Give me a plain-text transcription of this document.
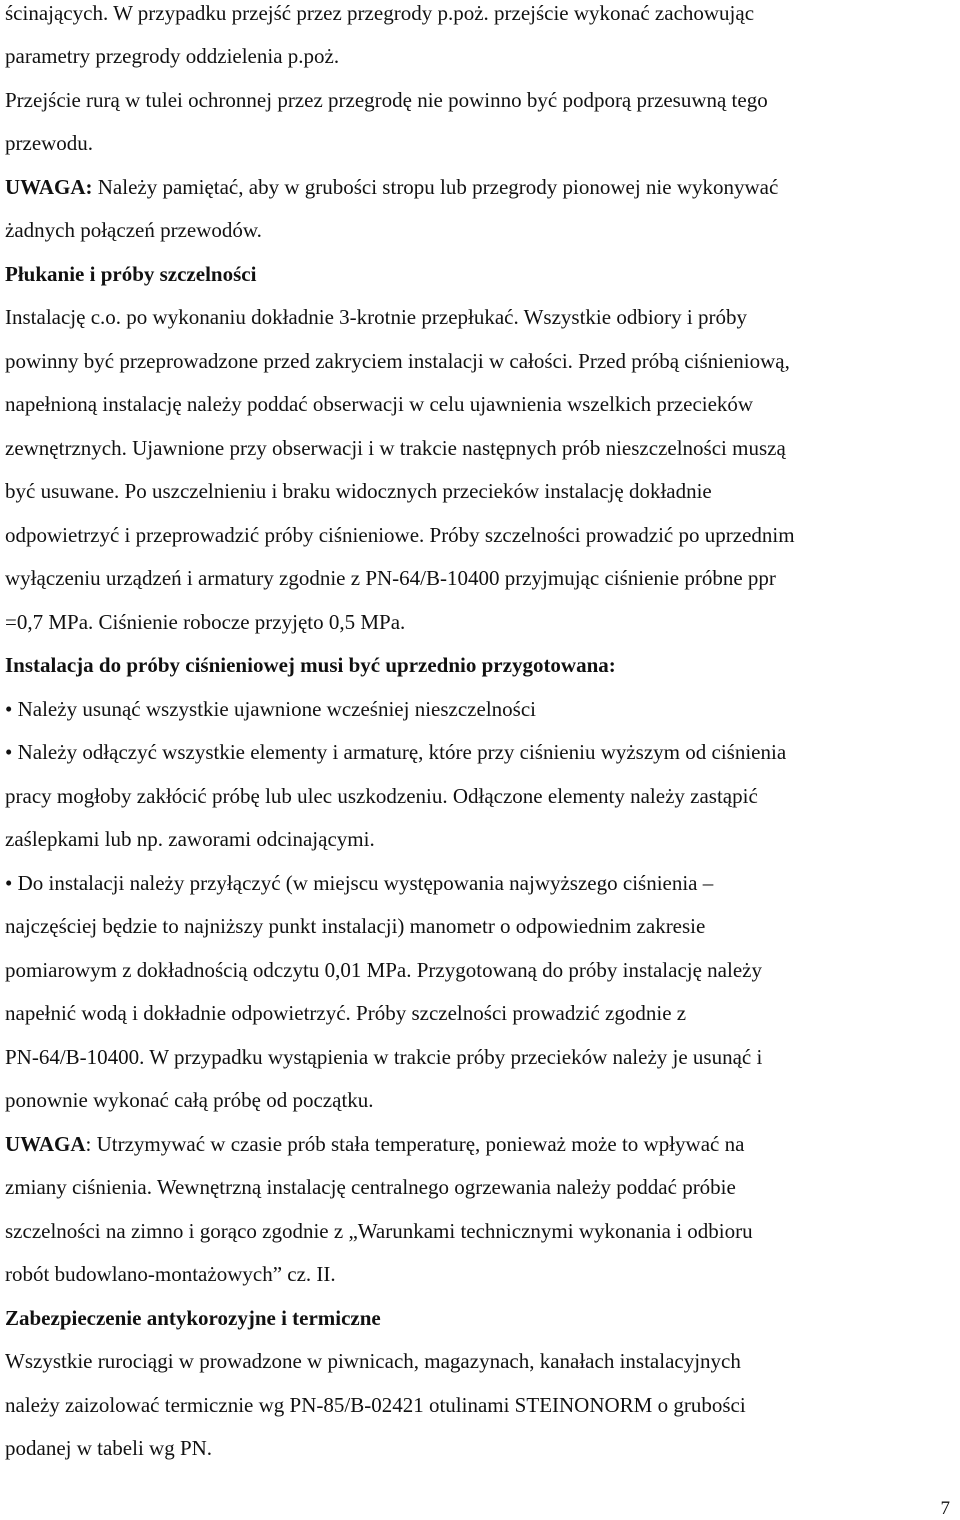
ścinających. W przypadku przejść przez przegrody p.poż. przejście wykonać zachowując
parametry przegrody oddzielenia p.poż.
Przejście rurą w tulei ochronnej przez przegrodę nie powinno być podporą przesuwną tego
przewodu.
UWAGA: Należy pamiętać, aby w grubości stropu lub przegrody pionowej nie wykonywać
żadnych połączeń przewodów.
Płukanie i próby szczelności
Instalację c.o. po wykonaniu dokładnie 3-krotnie przepłukać. Wszystkie odbiory i próby
powinny być przeprowadzone przed zakryciem instalacji w całości. Przed próbą ciśnieniową,
napełnioną instalację należy poddać obserwacji w celu ujawnienia wszelkich przecieków
zewnętrznych. Ujawnione przy obserwacji i w trakcie następnych prób nieszczelności muszą
być usuwane. Po uszczelnieniu i braku widocznych przecieków instalację dokładnie
odpowietrzyć i przeprowadzić próby ciśnieniowe. Próby szczelności prowadzić po uprzednim
wyłączeniu urządzeń i armatury zgodnie z PN-64/B-10400 przyjmując ciśnienie próbne ppr
=0,7 MPa. Ciśnienie robocze przyjęto 0,5 MPa.
Instalacja do próby ciśnieniowej musi być uprzednio przygotowana:
• Należy usunąć wszystkie ujawnione wcześniej nieszczelności
• Należy odłączyć wszystkie elementy i armaturę, które przy ciśnieniu wyższym od ciśnienia
pracy mogłoby zakłócić próbę lub ulec uszkodzeniu. Odłączone elementy należy zastąpić
zaślepkami lub np. zaworami odcinającymi.
• Do instalacji należy przyłączyć (w miejscu występowania najwyższego ciśnienia –
najczęściej będzie to najniższy punkt instalacji) manometr o odpowiednim zakresie
pomiarowym z dokładnością odczytu 0,01 MPa. Przygotowaną do próby instalację należy
napełnić wodą i dokładnie odpowietrzyć. Próby szczelności prowadzić zgodnie z
PN-64/B-10400. W przypadku wystąpienia w trakcie próby przecieków należy je usunąć i
ponownie wykonać całą próbę od początku.
UWAGA: Utrzymywać w czasie prób stała temperaturę, ponieważ może to wpływać na
zmiany ciśnienia. Wewnętrzną instalację centralnego ogrzewania należy poddać próbie
szczelności na zimno i gorąco zgodnie z „Warunkami technicznymi wykonania i odbioru
robót budowlano-montażowych” cz. II.
Zabezpieczenie antykorozyjne i termiczne
Wszystkie rurociągi w prowadzone w piwnicach, magazynach, kanałach instalacyjnych
należy zaizolować termicznie wg PN-85/B-02421 otulinami STEINONORM o grubości
podanej w tabeli wg PN.
7
